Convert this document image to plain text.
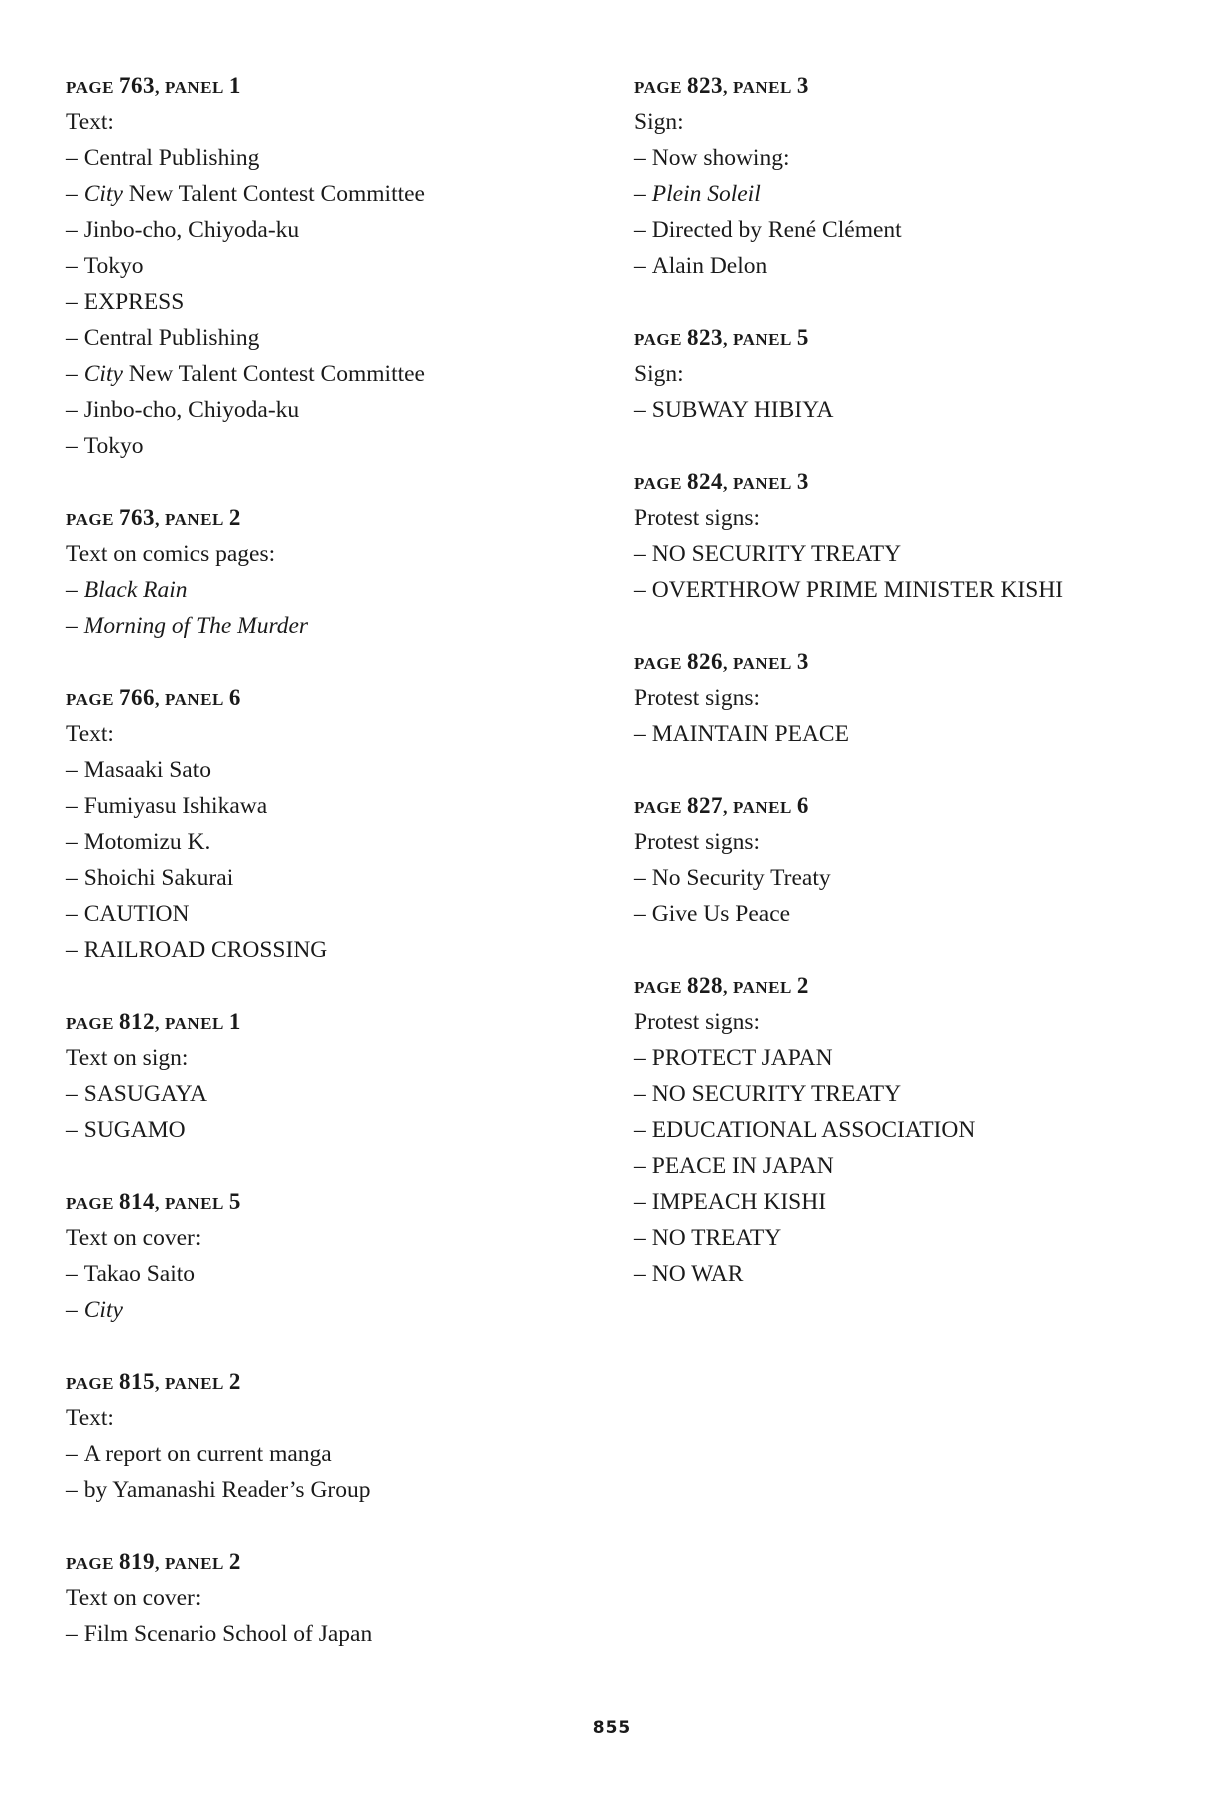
PAGE 763, PANEL 1
Text:
– Central Publishing
– City New Talent Contest Committee
– Jinbo-cho, Chiyoda-ku
– Tokyo
– EXPRESS
– Central Publishing
– City New Talent Contest Committee
– Jinbo-cho, Chiyoda-ku
– Tokyo
PAGE 763, PANEL 2
Text on comics pages:
– Black Rain
– Morning of The Murder
PAGE 766, PANEL 6
Text:
– Masaaki Sato
– Fumiyasu Ishikawa
– Motomizu K.
– Shoichi Sakurai
– CAUTION
– RAILROAD CROSSING
PAGE 812, PANEL 1
Text on sign:
– SASUGAYA
– SUGAMO
PAGE 814, PANEL 5
Text on cover:
– Takao Saito
– City
PAGE 815, PANEL 2
Text:
– A report on current manga
– by Yamanashi Reader’s Group
PAGE 819, PANEL 2
Text on cover:
– Film Scenario School of Japan
PAGE 823, PANEL 3
Sign:
– Now showing:
– Plein Soleil
– Directed by René Clément
– Alain Delon
PAGE 823, PANEL 5
Sign:
– SUBWAY HIBIYA
PAGE 824, PANEL 3
Protest signs:
– NO SECURITY TREATY
– OVERTHROW PRIME MINISTER KISHI
PAGE 826, PANEL 3
Protest signs:
– MAINTAIN PEACE
PAGE 827, PANEL 6
Protest signs:
– No Security Treaty
– Give Us Peace
PAGE 828, PANEL 2
Protest signs:
– PROTECT JAPAN
– NO SECURITY TREATY
– EDUCATIONAL ASSOCIATION
– PEACE IN JAPAN
– IMPEACH KISHI
– NO TREATY
– NO WAR
855
